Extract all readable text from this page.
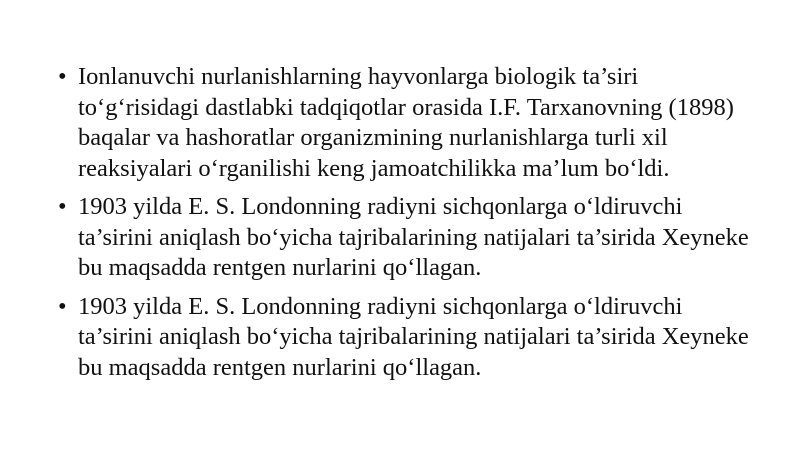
• Ionlanuvchi nurlanishlarning hayvonlarga biologik ta’siri to‘g‘risidagi dastlabki tadqiqotlar orasida I.F. Tarxanovning (1898) baqalar va hashoratlar organizmining nurlanishlarga turli xil reaksiyalari o‘rganilishi keng jamoatchilikka ma’lum bo‘ldi.
• 1903 yilda E. S. Londonning radiyni sichqonlarga o‘ldiruvchi ta’sirini aniqlash bo‘yicha tajribalarining natijalari ta’sirida Xeyneke bu maqsadda rentgen nurlarini qo‘llagan.
• 1903 yilda E. S. Londonning radiyni sichqonlarga o‘ldiruvchi ta’sirini aniqlash bo‘yicha tajribalarining natijalari ta’sirida Xeyneke bu maqsadda rentgen nurlarini qo‘llagan.
